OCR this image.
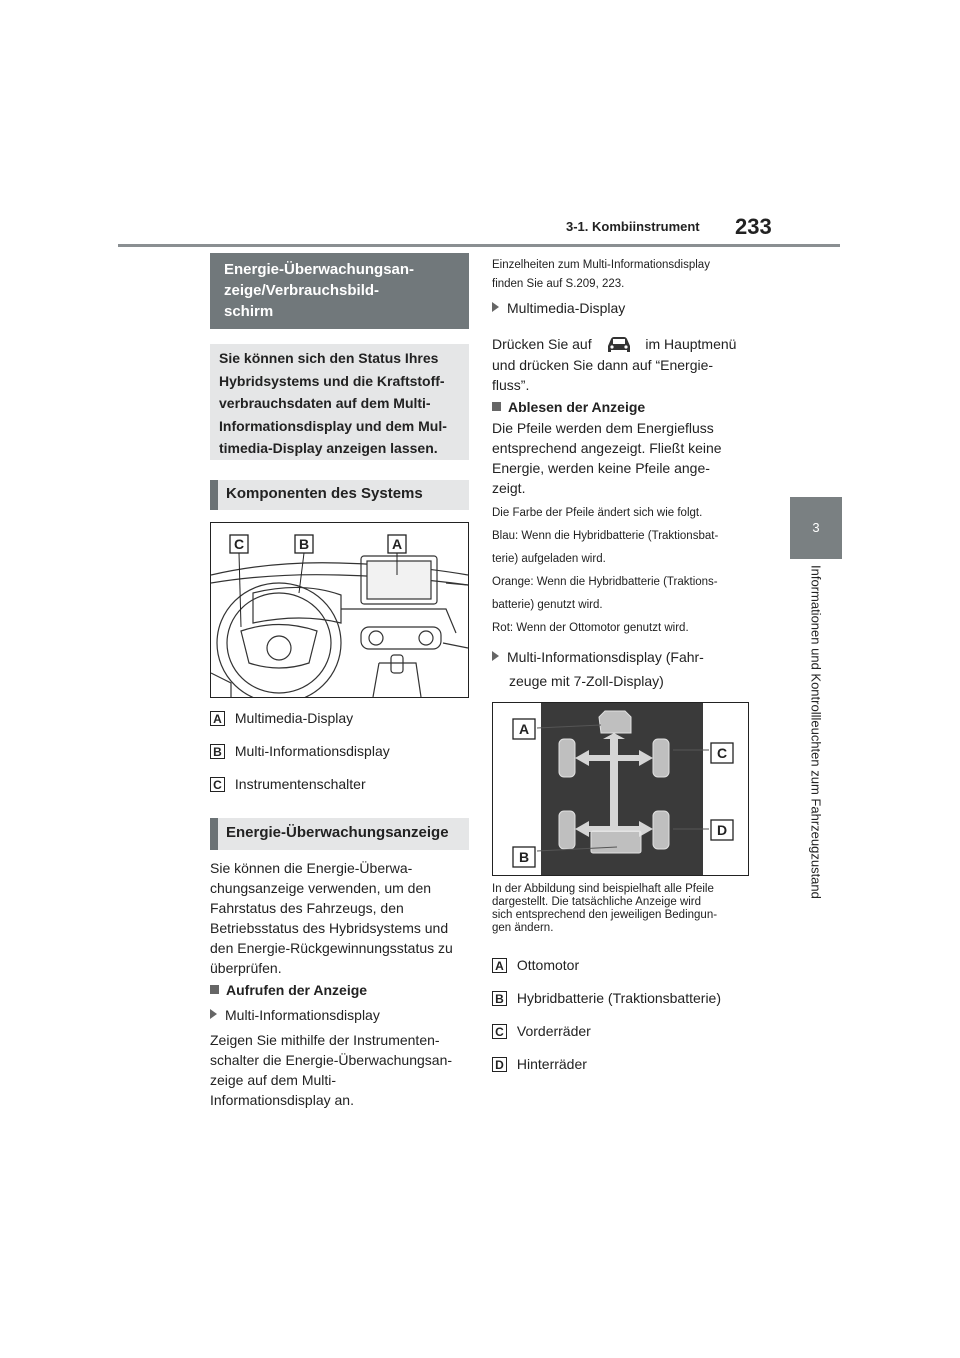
3-1. Kombiinstrument 233
3
Informationen und Kontrollleuchten zum Fahrzeugzustand
Energie-Überwachungsan-
zeige/Verbrauchsbild-
schirm
Sie können sich den Status Ihres
Hybridsystems und die Kraftstoff-
verbrauchsdaten auf dem Multi-
Informationsdisplay und dem Mul-
timedia-Display anzeigen lassen.
Komponenten des Systems
C	B	A
A Multimedia-Display
B Multi-Informationsdisplay
C Instrumentenschalter
Energie-Überwachungsanzeige
Sie können die Energie-Überwa-
chungsanzeige verwenden, um den
Fahrstatus des Fahrzeugs, den
Betriebsstatus des Hybridsystems und
den Energie-Rückgewinnungsstatus zu
überprüfen.
Aufrufen der Anzeige
Multi-Informationsdisplay
Zeigen Sie mithilfe der Instrumenten-
schalter die Energie-Überwachungsan-
zeige auf dem Multi-
Informationsdisplay an.
Einzelheiten zum Multi-Informationsdisplay
finden Sie auf S.209, 223.
Multimedia-Display
Drücken Sie auf	im Hauptmenü
und drücken Sie dann auf “Energie-
fluss”.
Ablesen der Anzeige
Die Pfeile werden dem Energiefluss
entsprechend angezeigt. Fließt keine
Energie, werden keine Pfeile ange-
zeigt.
Die Farbe der Pfeile ändert sich wie folgt.
Blau: Wenn die Hybridbatterie (Traktionsbat-
terie) aufgeladen wird.
Orange: Wenn die Hybridbatterie (Traktions-
batterie) genutzt wird.
Rot: Wenn der Ottomotor genutzt wird.
Multi-Informationsdisplay (Fahr-
zeuge mit 7-Zoll-Display)
A
C
D
B
In der Abbildung sind beispielhaft alle Pfeile
dargestellt. Die tatsächliche Anzeige wird
sich entsprechend den jeweiligen Bedingun-
gen ändern.
A Ottomotor
B Hybridbatterie (Traktionsbatterie)
C Vorderräder
D Hinterräder
